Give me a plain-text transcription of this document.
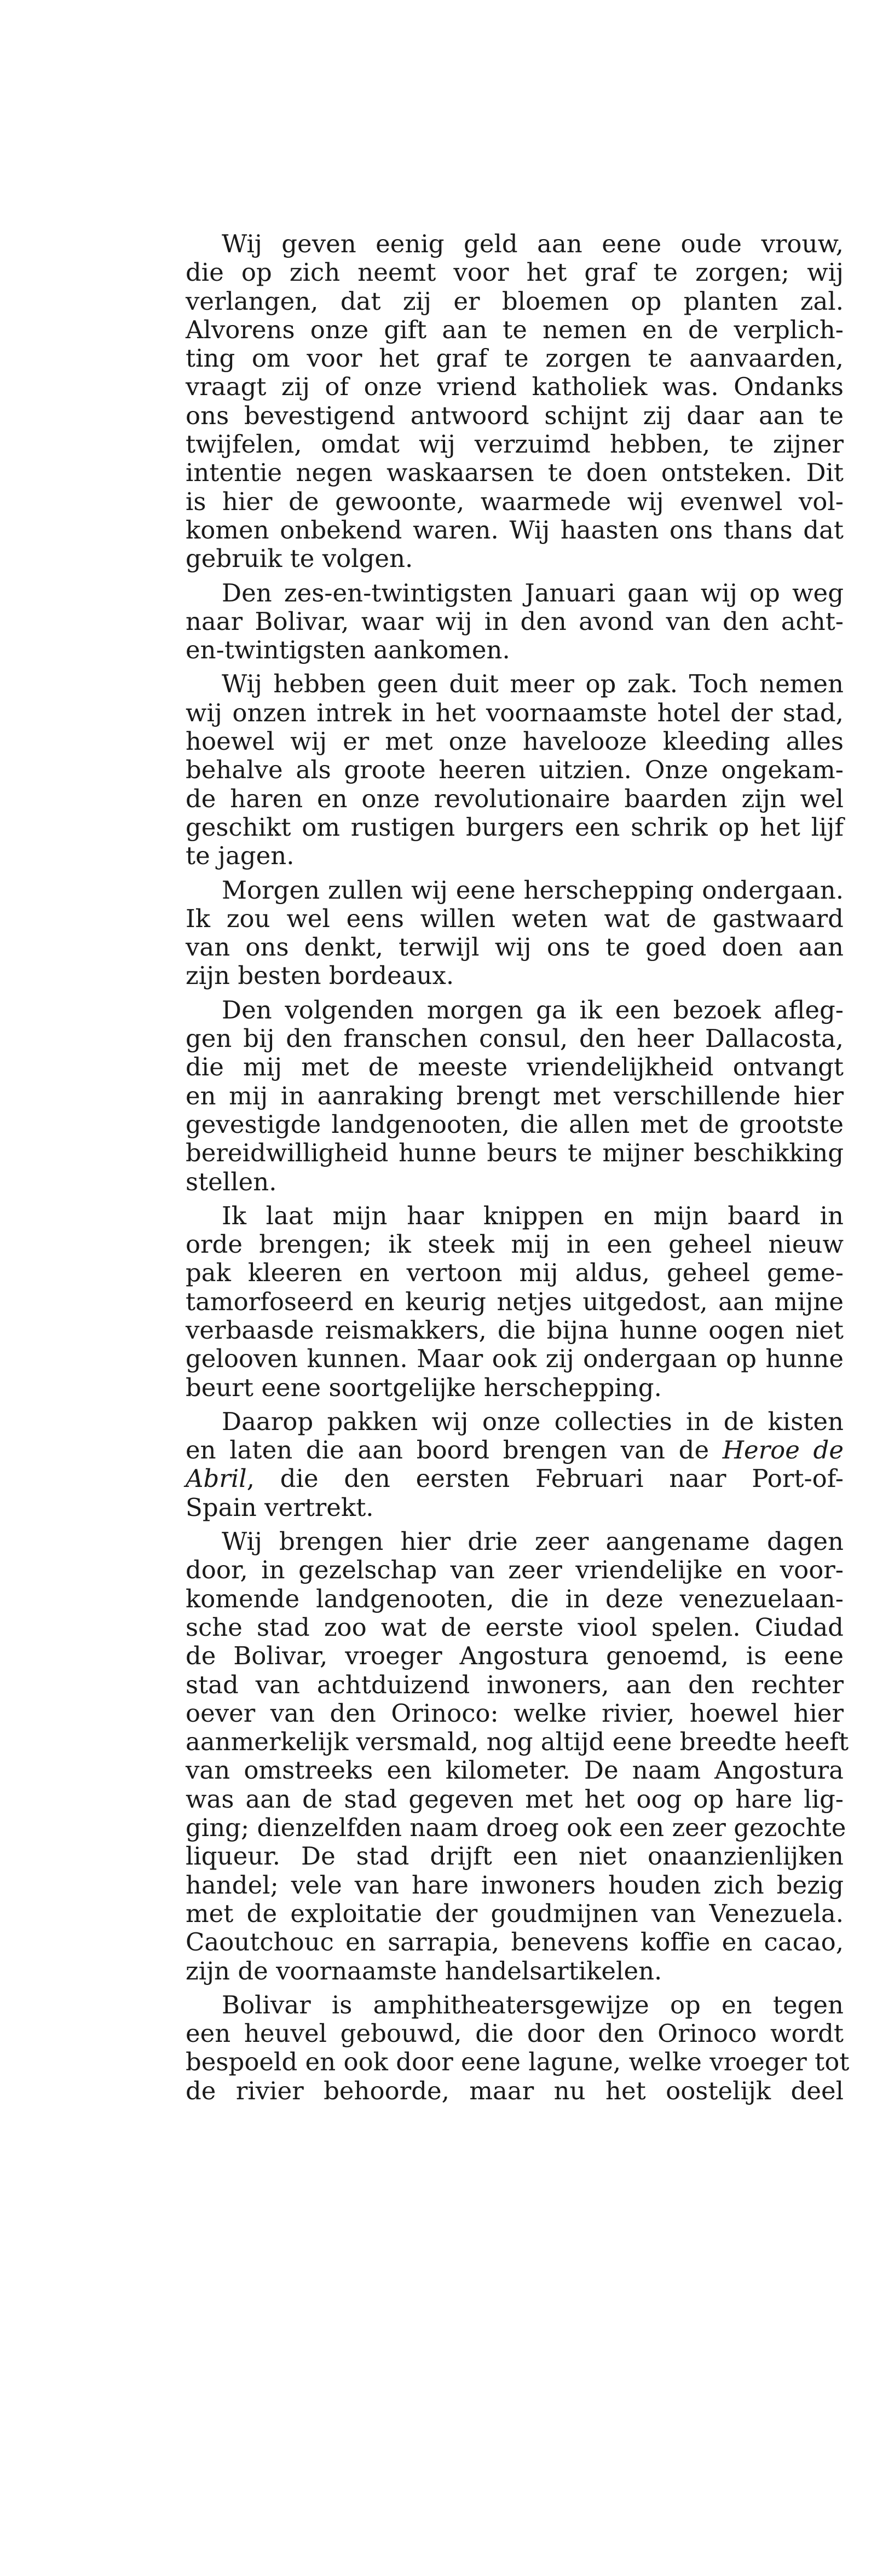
Wij geven eenig geld aan eene oude vrouw,
die op zich neemt voor het graf te zorgen; wij
verlangen, dat zij er bloemen op planten zal.
Alvorens onze gift aan te nemen en de verplich-
ting om voor het graf te zorgen te aanvaarden,
vraagt zij of onze vriend katholiek was. Ondanks
ons bevestigend antwoord schijnt zij daar aan te
twijfelen, omdat wij verzuimd hebben, te zijner
intentie negen waskaarsen te doen ontsteken. Dit
is hier de gewoonte, waarmede wij evenwel vol-
komen onbekend waren. Wij haasten ons thans dat
gebruik te volgen.
Den zes-en-twintigsten Januari gaan wij op weg
naar Bolivar, waar wij in den avond van den acht-
en-twintigsten aankomen.
Wij hebben geen duit meer op zak. Toch nemen
wij onzen intrek in het voornaamste hotel der stad,
hoewel wij er met onze havelooze kleeding alles
behalve als groote heeren uitzien. Onze ongekam-
de haren en onze revolutionaire baarden zijn wel
geschikt om rustigen burgers een schrik op het lijf
te jagen.
Morgen zullen wij eene herschepping ondergaan.
Ik zou wel eens willen weten wat de gastwaard
van ons denkt, terwijl wij ons te goed doen aan
zijn besten bordeaux.
Den volgenden morgen ga ik een bezoek afleg-
gen bij den franschen consul, den heer Dallacosta,
die mij met de meeste vriendelijkheid ontvangt
en mij in aanraking brengt met verschillende hier
gevestigde landgenooten, die allen met de grootste
bereidwilligheid hunne beurs te mijner beschikking
stellen.
Ik laat mijn haar knippen en mijn baard in
orde brengen; ik steek mij in een geheel nieuw
pak kleeren en vertoon mij aldus, geheel geme-
tamorfoseerd en keurig netjes uitgedost, aan mijne
verbaasde reismakkers, die bijna hunne oogen niet
gelooven kunnen. Maar ook zij ondergaan op hunne
beurt eene soortgelijke herschepping.
Daarop pakken wij onze collecties in de kisten
en laten die aan boord brengen van de Heroe de
Abril, die den eersten Februari naar Port-of-
Spain vertrekt.
Wij brengen hier drie zeer aangename dagen
door, in gezelschap van zeer vriendelijke en voor-
komende landgenooten, die in deze venezuelaan-
sche stad zoo wat de eerste viool spelen. Ciudad
de Bolivar, vroeger Angostura genoemd, is eene
stad van achtduizend inwoners, aan den rechter
oever van den Orinoco: welke rivier, hoewel hier
aanmerkelijk versmald, nog altijd eene breedte heeft
van omstreeks een kilometer. De naam Angostura
was aan de stad gegeven met het oog op hare lig-
ging; dienzelfden naam droeg ook een zeer gezochte
liqueur. De stad drijft een niet onaanzienlijken
handel; vele van hare inwoners houden zich bezig
met de exploitatie der goudmijnen van Venezuela.
Caoutchouc en sarrapia, benevens koffie en cacao,
zijn de voornaamste handelsartikelen.
Bolivar is amphitheatersgewijze op en tegen
een heuvel gebouwd, die door den Orinoco wordt
bespoeld en ook door eene lagune, welke vroeger tot
de rivier behoorde, maar nu het oostelijk deel
